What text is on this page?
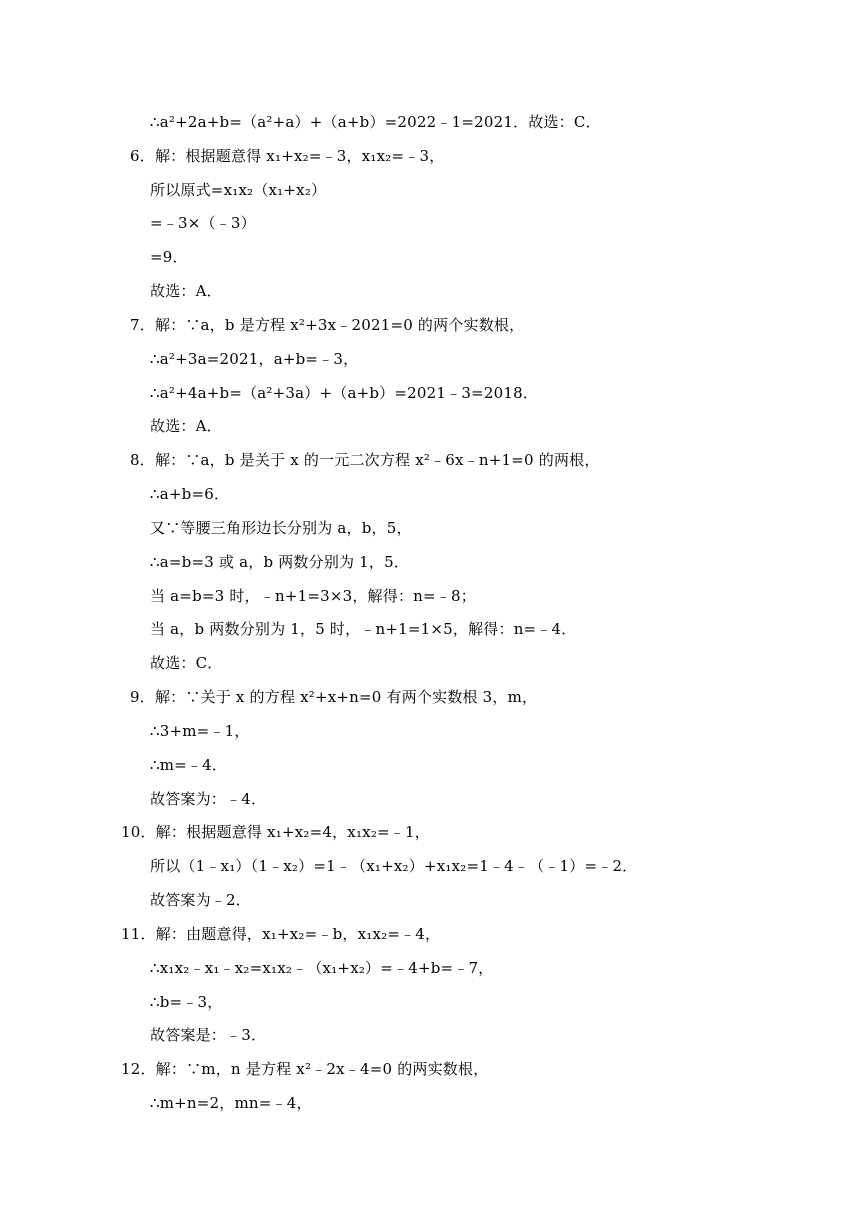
∴a²+2a+b=（a²+a）+（a+b）=2022﹣1=2021．故选：C．
6．解：根据题意得 x₁+x₂=﹣3，x₁x₂=﹣3，
所以原式=x₁x₂（x₁+x₂）
=﹣3×（﹣3）
=9．
故选：A．
7．解：∵a，b 是方程 x²+3x﹣2021=0 的两个实数根，
∴a²+3a=2021，a+b=﹣3，
∴a²+4a+b=（a²+3a）+（a+b）=2021﹣3=2018．
故选：A．
8．解：∵a，b 是关于 x 的一元二次方程 x²﹣6x﹣n+1=0 的两根，
∴a+b=6．
又∵等腰三角形边长分别为 a，b，5，
∴a=b=3 或 a，b 两数分别为 1，5．
当 a=b=3 时，﹣n+1=3×3，解得：n=﹣8；
当 a，b 两数分别为 1，5 时，﹣n+1=1×5，解得：n=﹣4．
故选：C．
9．解：∵关于 x 的方程 x²+x+n=0 有两个实数根 3，m，
∴3+m=﹣1，
∴m=﹣4．
故答案为：﹣4．
10．解：根据题意得 x₁+x₂=4，x₁x₂=﹣1，
所以（1﹣x₁）（1﹣x₂）=1﹣（x₁+x₂）+x₁x₂=1﹣4﹣（﹣1）=﹣2．
故答案为﹣2．
11．解：由题意得，x₁+x₂=﹣b，x₁x₂=﹣4，
∴x₁x₂﹣x₁﹣x₂=x₁x₂﹣（x₁+x₂）=﹣4+b=﹣7，
∴b=﹣3，
故答案是：﹣3．
12．解：∵m，n 是方程 x²﹣2x﹣4=0 的两实数根，
∴m+n=2，mn=﹣4，
